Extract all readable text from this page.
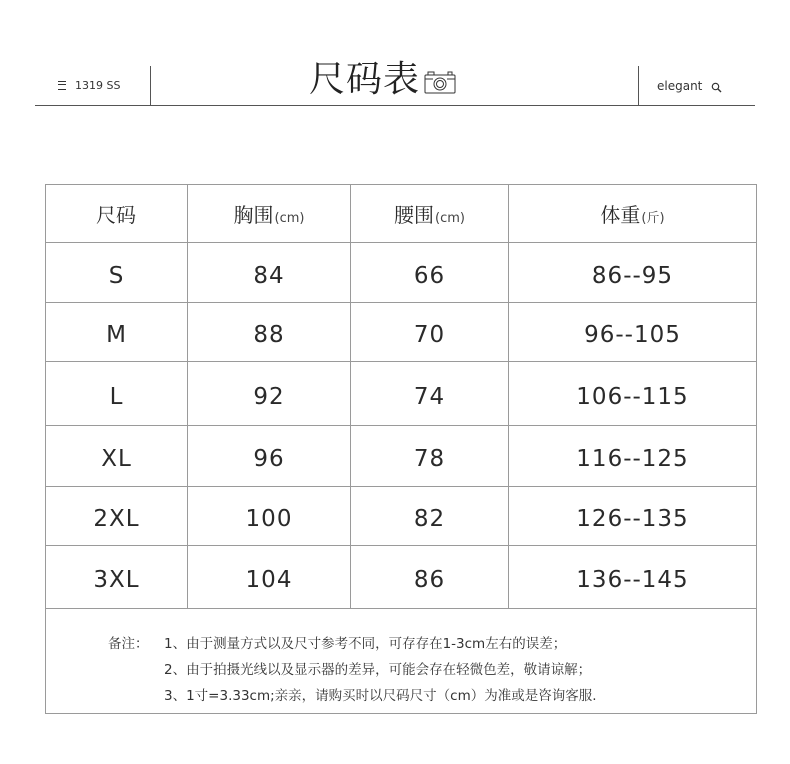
1319 SS	尺码表	elegant
尺码	胸围(cm)	腰围(cm)	体重(斤)
S	84	66	86--95
M	88	70	96--105
L	92	74	106--115
XL	96	78	116--125
2XL	100	82	126--135
3XL	104	86	136--145

备注： 1、由于测量方式以及尺寸参考不同，可存存在1-3cm左右的误差；
2、由于拍摄光线以及显示器的差异，可能会存在轻微色差，敬请谅解；
3、1寸=3.33cm;亲亲，请购买时以尺码尺寸（cm）为准或是咨询客服.			
